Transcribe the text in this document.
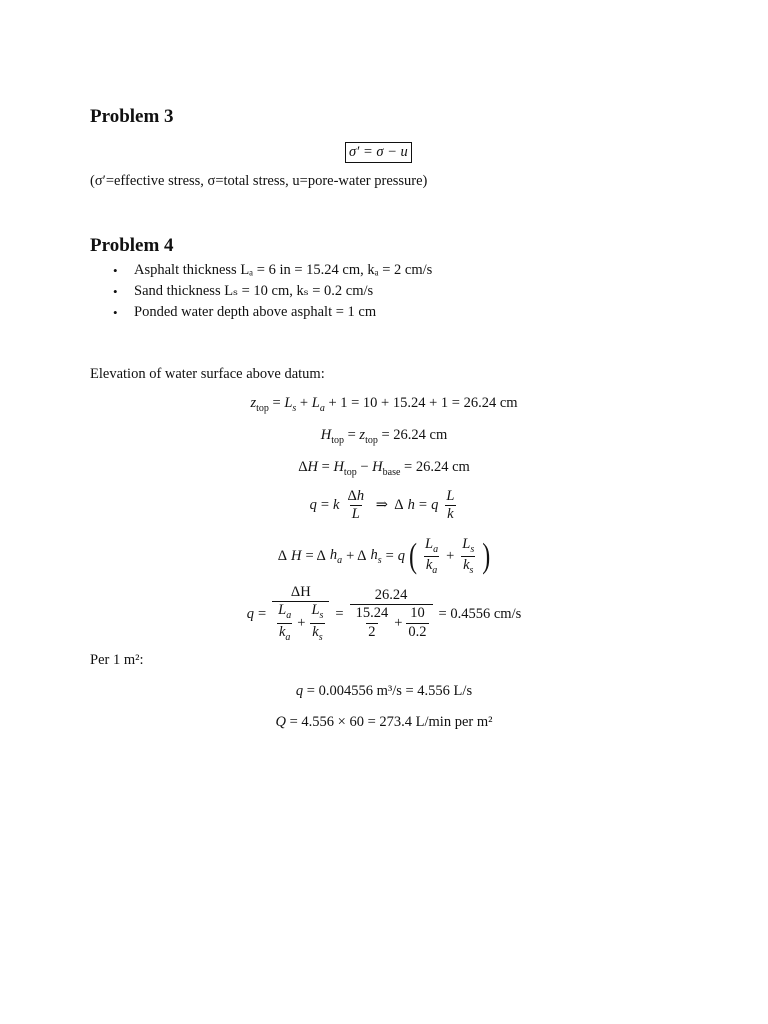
Problem 3
σ′ = σ − u
(σ′=effective stress, σ=total stress, u=pore-water pressure)
Problem 4
• Asphalt thickness Lₐ = 6 in = 15.24 cm, kₐ = 2 cm/s
• Sand thickness Lₛ = 10 cm, kₛ = 0.2 cm/s
• Ponded water depth above asphalt = 1 cm
Elevation of water surface above datum:
$z_{top} = L_s + L_a + 1 = 10 + 15.24 + 1 = 26.24$ cm
$H_{top} = z_{top} = 26.24$ cm
$\Delta H = H_{top} - H_{base} = 26.24$ cm
q = k $\frac{\Delta h}{L}$ ⇒  Δ h = q $\frac{L}{k}$
Δ H = Δ $h_a + \Delta$ $h_s = q$ ( $\frac{L_a}{k_a} + \frac{L_s}{k_s}$ )
$q = \frac{\Delta H}{\frac{L_a}{k_a} + \frac{L_s}{k_s}} = \frac{26.24}{\frac{15.24}{2} + \frac{10}{0.2}} = 0.4556$ cm/s
Per 1 m²:
q = 0.004556 m³/s = 4.556 L/s
Q = 4.556 × 60 = 273.4 L/min per m²
